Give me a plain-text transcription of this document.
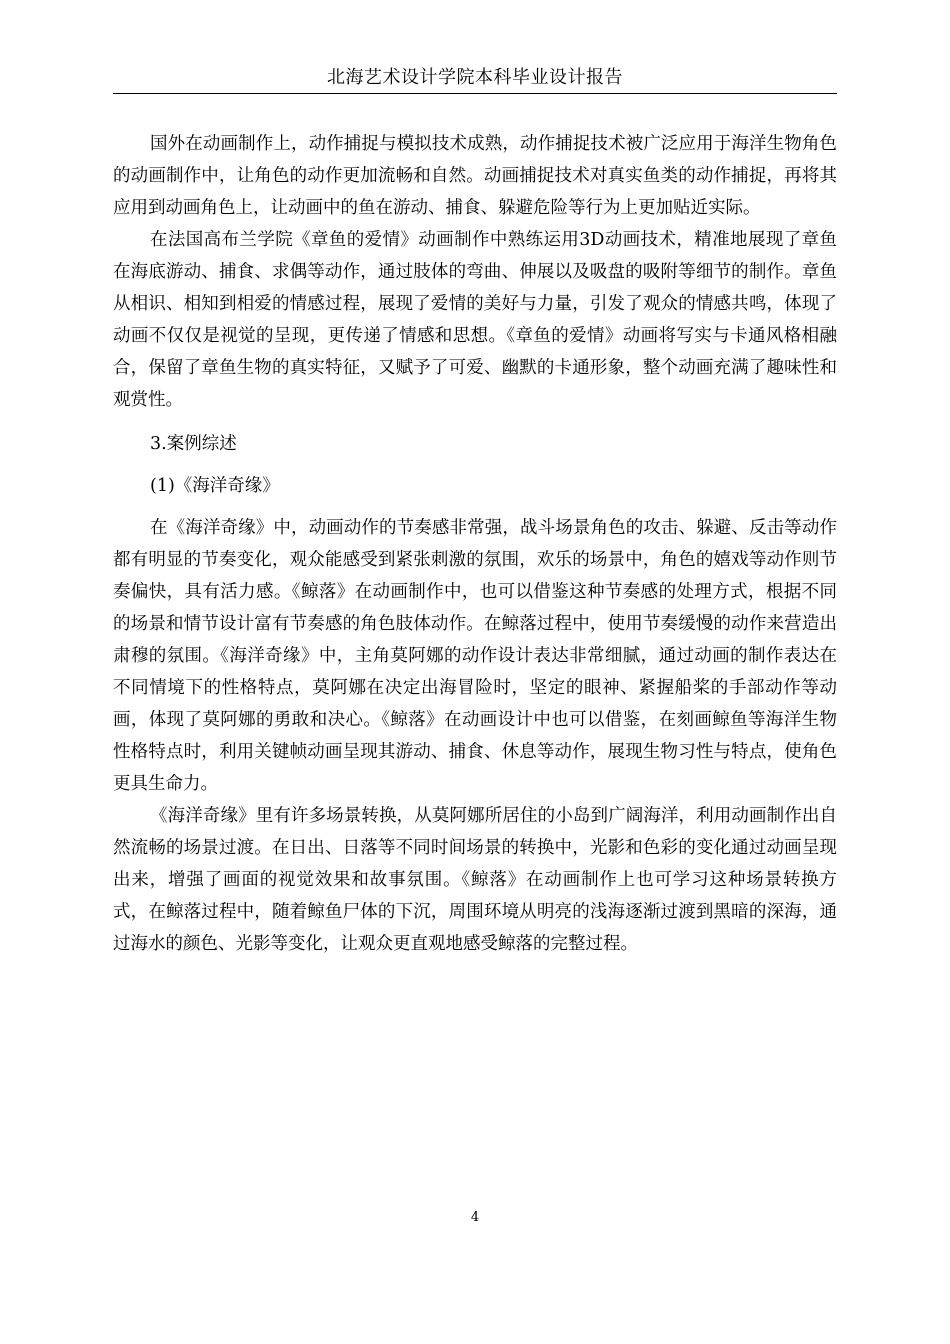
北海艺术设计学院本科毕业设计报告

国外在动画制作上，动作捕捉与模拟技术成熟，动作捕捉技术被广泛应用于海洋生物角色的动画制作中，让角色的动作更加流畅和自然。动画捕捉技术对真实鱼类的动作捕捉，再将其应用到动画角色上，让动画中的鱼在游动、捕食、躲避危险等行为上更加贴近实际。

在法国高布兰学院《章鱼的爱情》动画制作中熟练运用3D动画技术，精准地展现了章鱼在海底游动、捕食、求偶等动作，通过肢体的弯曲、伸展以及吸盘的吸附等细节的制作。章鱼从相识、相知到相爱的情感过程，展现了爱情的美好与力量，引发了观众的情感共鸣，体现了动画不仅仅是视觉的呈现，更传递了情感和思想。《章鱼的爱情》动画将写实与卡通风格相融合，保留了章鱼生物的真实特征，又赋予了可爱、幽默的卡通形象，整个动画充满了趣味性和观赏性。

3.案例综述

(1)《海洋奇缘》

在《海洋奇缘》中，动画动作的节奏感非常强，战斗场景角色的攻击、躲避、反击等动作都有明显的节奏变化，观众能感受到紧张刺激的氛围，欢乐的场景中，角色的嬉戏等动作则节奏偏快，具有活力感。《鲸落》在动画制作中，也可以借鉴这种节奏感的处理方式，根据不同的场景和情节设计富有节奏感的角色肢体动作。在鲸落过程中，使用节奏缓慢的动作来营造出肃穆的氛围。《海洋奇缘》中，主角莫阿娜的动作设计表达非常细腻，通过动画的制作表达在不同情境下的性格特点，莫阿娜在决定出海冒险时，坚定的眼神、紧握船桨的手部动作等动画，体现了莫阿娜的勇敢和决心。《鲸落》在动画设计中也可以借鉴，在刻画鲸鱼等海洋生物性格特点时，利用关键帧动画呈现其游动、捕食、休息等动作，展现生物习性与特点，使角色更具生命力。

《海洋奇缘》里有许多场景转换，从莫阿娜所居住的小岛到广阔海洋，利用动画制作出自然流畅的场景过渡。在日出、日落等不同时间场景的转换中，光影和色彩的变化通过动画呈现出来，增强了画面的视觉效果和故事氛围。《鲸落》在动画制作上也可学习这种场景转换方式，在鲸落过程中，随着鲸鱼尸体的下沉，周围环境从明亮的浅海逐渐过渡到黑暗的深海，通过海水的颜色、光影等变化，让观众更直观地感受鲸落的完整过程。

4
